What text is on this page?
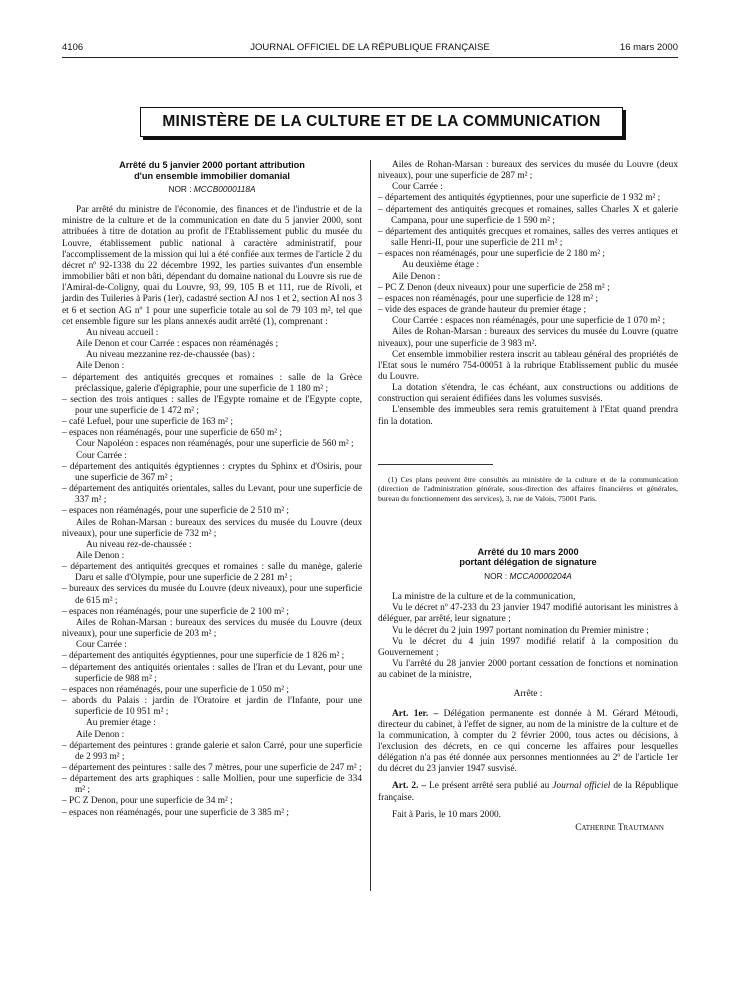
4106	JOURNAL OFFICIEL DE LA RÉPUBLIQUE FRANÇAISE	16 mars 2000
MINISTÈRE DE LA CULTURE ET DE LA COMMUNICATION
Arrêté du 5 janvier 2000 portant attribution
d'un ensemble immobilier domanial
NOR : MCCB0000118A

Par arrêté du ministre de l'économie, des finances et de l'industrie et de la ministre de la culture et de la communication en date du 5 janvier 2000, sont attribuées à titre de dotation au profit de l'Etablissement public du musée du Louvre, établissement public national à caractère administratif, pour l'accomplissement de la mission qui lui a été confiée aux termes de l'article 2 du décret nº 92-1338 du 22 décembre 1992, les parties suivantes d'un ensemble immobilier bâti et non bâti, dépendant du domaine national du Louvre sis rue de l'Amiral-de-Coligny, quai du Louvre, 93, 99, 105 B et 111, rue de Rivoli, et jardin des Tuileries à Paris (1er), cadastré section AJ nos 1 et 2, section AI nos 3 et 6 et section AG nº 1 pour une superficie totale au sol de 79 103 m², tel que cet ensemble figure sur les plans annexés audit arrêté (1), comprenant :

Au niveau accueil :

Aile Denon et cour Carrée : espaces non réaménagés ;

Au niveau mezzanine rez-de-chaussée (bas) :

Aile Denon :

– département des antiquités grecques et romaines : salle de la Grèce préclassique, galerie d'épigraphie, pour une superficie de 1 180 m² ;

– section des trois antiques : salles de l'Egypte romaine et de l'Egypte copte, pour une superficie de 1 472 m² ;

– café Lefuel, pour une superficie de 163 m² ;

– espaces non réaménagés, pour une superficie de 650 m² ;

Cour Napoléon : espaces non réaménagés, pour une superficie de 560 m² ;

Cour Carrée :

– département des antiquités égyptiennes : cryptes du Sphinx et d'Osiris, pour une superficie de 367 m² ;

– département des antiquités orientales, salles du Levant, pour une superficie de 337 m² ;

– espaces non réaménagés, pour une superficie de 2 510 m² ;

Ailes de Rohan-Marsan : bureaux des services du musée du Louvre (deux niveaux), pour une superficie de 732 m² ;

Au niveau rez-de-chaussée :

Aile Denon :

– département des antiquités grecques et romaines : salle du manège, galerie Daru et salle d'Olympie, pour une superficie de 2 281 m² ;

– bureaux des services du musée du Louvre (deux niveaux), pour une superficie de 615 m² ;

– espaces non réaménagés, pour une superficie de 2 100 m² ;

Ailes de Rohan-Marsan : bureaux des services du musée du Louvre (deux niveaux), pour une superficie de 203 m² ;

Cour Carrée :

– département des antiquités égyptiennes, pour une superficie de 1 826 m² ;

– département des antiquités orientales : salles de l'Iran et du Levant, pour une superficie de 988 m² ;

– espaces non réaménagés, pour une superficie de 1 050 m² ;

– abords du Palais : jardin de l'Oratoire et jardin de l'Infante, pour une superficie de 10 951 m² ;

Au premier étage :

Aile Denon :

– département des peintures : grande galerie et salon Carré, pour une superficie de 2 993 m² ;

– département des peintures : salle des 7 mètres, pour une superficie de 247 m² ;

– département des arts graphiques : salle Mollien, pour une superficie de 334 m² ;

– PC Z Denon, pour une superficie de 34 m² ;

– espaces non réaménagés, pour une superficie de 3 385 m² ;

Ailes de Rohan-Marsan : bureaux des services du musée du Louvre (deux niveaux), pour une superficie de 287 m² ;

Cour Carrée :

– département des antiquités égyptiennes, pour une superficie de 1 932 m² ;

– département des antiquités grecques et romaines, salles Charles X et galerie Campana, pour une superficie de 1 590 m² ;

– département des antiquités grecques et romaines, salles des verres antiques et salle Henri-II, pour une superficie de 211 m² ;

– espaces non réaménagés, pour une superficie de 2 180 m² ;

Au deuxième étage :

Aile Denon :

– PC Z Denon (deux niveaux) pour une superficie de 258 m² ;

– espaces non réaménagés, pour une superficie de 128 m² ;

– vide des espaces de grande hauteur du premier étage ;

Cour Carrée : espaces non réaménagés, pour une superficie de 1 070 m² ;

Ailes de Rohan-Marsan : bureaux des services du musée du Louvre (quatre niveaux), pour une superficie de 3 983 m².

Cet ensemble immobilier restera inscrit au tableau général des propriétés de l'Etat sous le numéro 754-00051 à la rubrique Etablissement public du musée du Louvre.

La dotation s'étendra, le cas échéant, aux constructions ou additions de construction qui seraient édifiées dans les volumes susvisés.

L'ensemble des immeubles sera remis gratuitement à l'Etat quand prendra fin la dotation.

(1) Ces plans peuvent être consultés au ministère de la culture et de la communication (direction de l'administration générale, sous-direction des affaires financières et générales, bureau du fonctionnement des services), 3, rue de Valois, 75001 Paris.

Arrêté du 10 mars 2000
portant délégation de signature
NOR : MCCA0000204A

La ministre de la culture et de la communication,

Vu le décret nº 47-233 du 23 janvier 1947 modifié autorisant les ministres à déléguer, par arrêté, leur signature ;

Vu le décret du 2 juin 1997 portant nomination du Premier ministre ;

Vu le décret du 4 juin 1997 modifié relatif à la composition du Gouvernement ;

Vu l'arrêté du 28 janvier 2000 portant cessation de fonctions et nomination au cabinet de la ministre,

Arrête :

Art. 1er. – Délégation permanente est donnée à M. Gérard Métoudi, directeur du cabinet, à l'effet de signer, au nom de la ministre de la culture et de la communication, à compter du 2 février 2000, tous actes ou décisions, à l'exclusion des décrets, en ce qui concerne les affaires pour lesquelles délégation n'a pas été donnée aux personnes mentionnées au 2º de l'article 1er du décret du 23 janvier 1947 susvisé.

Art. 2. – Le présent arrêté sera publié au Journal officiel de la République française.

Fait à Paris, le 10 mars 2000.

Catherine Trautmann
